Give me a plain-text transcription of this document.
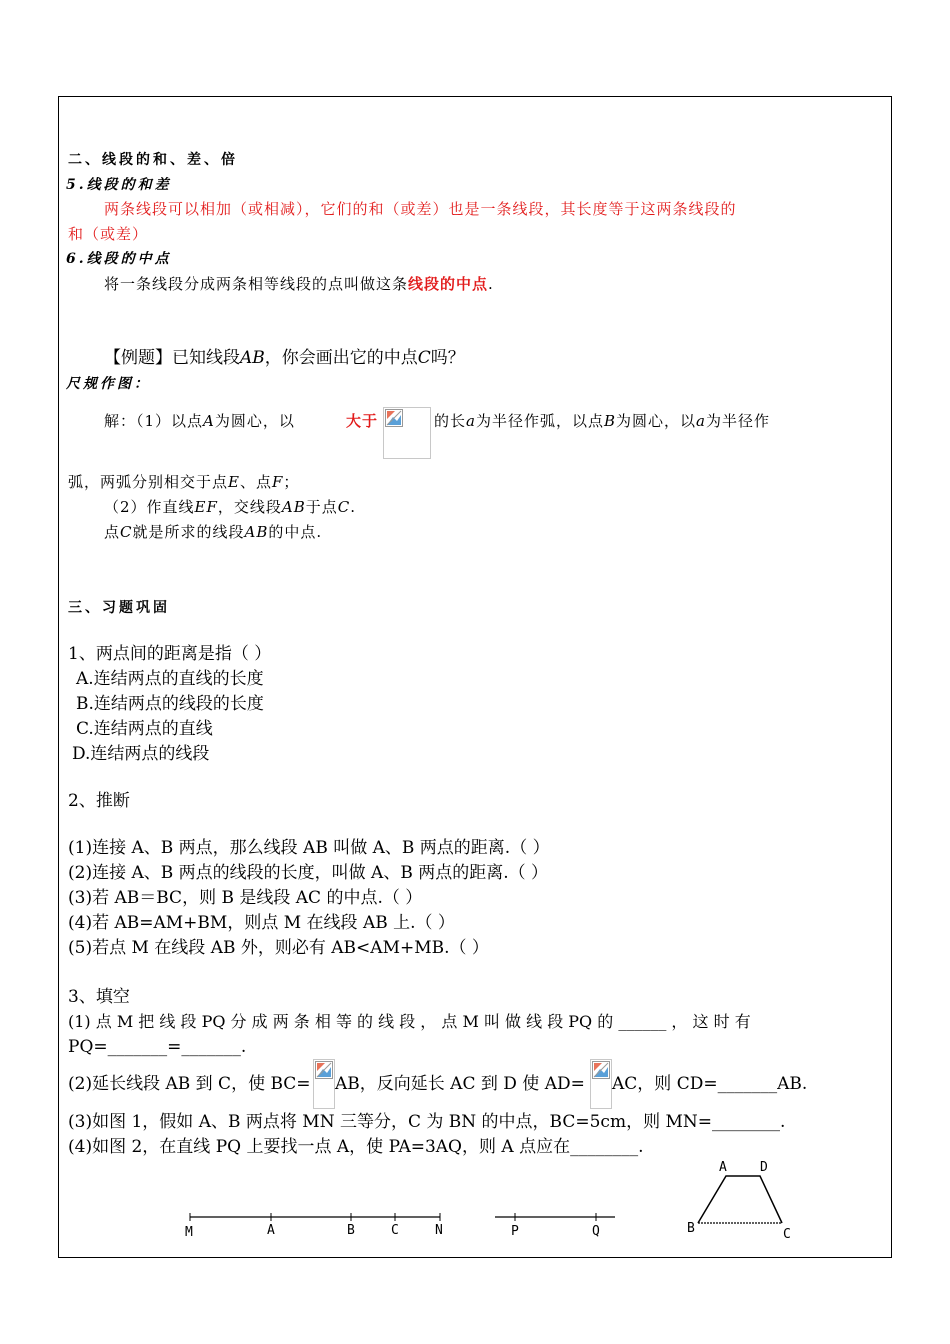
二、线段的和、差、倍
5.线段的和差
两条线段可以相加（或相减），它们的和（或差）也是一条线段，其长度等于这两条线段的
和（或差）
6.线段的中点
将一条线段分成两条相等线段的点叫做这条线段的中点.
【例题】已知线段AB，你会画出它的中点C吗？
尺规作图：
解：（1）以点A为圆心，以	大于	的长a为半径作弧，以点B为圆心，以a为半径作
弧，两弧分别相交于点E、点F；
（2）作直线EF，交线段AB于点C.
点C就是所求的线段AB的中点.
三、习题巩固
1、两点间的距离是指（ ）
A.连结两点的直线的长度
B.连结两点的线段的长度
C.连结两点的直线
D.连结两点的线段
2、推断
(1)连接 A、B 两点，那么线段 AB 叫做 A、B 两点的距离.（ ）
(2)连接 A、B 两点的线段的长度，叫做 A、B 两点的距离.（ ）
(3)若 AB＝BC，则 B 是线段 AC 的中点.（ ）
(4)若 AB=AM+BM，则点 M 在线段 AB 上.（ ）
(5)若点 M 在线段 AB 外，则必有 AB<AM+MB.（ ）
3、填空
(1) 点 M 把 线 段 PQ 分 成 两 条 相 等 的 线 段 ， 点 M 叫 做 线 段 PQ 的 ______ ， 这 时 有
PQ=_______=_______.
(2)延长线段 AB 到 C，使 BC= AB，反向延长 AC 到 D 使 AD= AC，则 CD=_______AB.
(3)如图 1，假如 A、B 两点将 MN 三等分，C 为 BN 的中点，BC=5cm，则 MN=________.
(4)如图 2，在直线 PQ 上要找一点 A，使 PA=3AQ，则 A 点应在________.
M	A	B	C	N	P	Q
A	D
B	C
